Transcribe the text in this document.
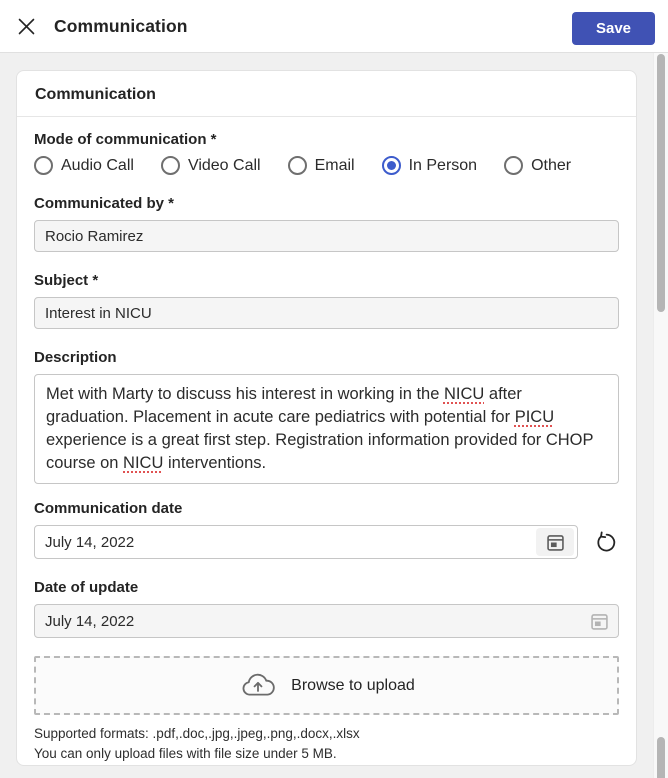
Communication	Save
Communication
Mode of communication *
Audio Call	Video Call	Email	In Person	Other
Communicated by *
Rocio Ramirez
Subject *
Interest in NICU
Description
Met with Marty to discuss his interest in working in the NICU after graduation. Placement in acute care pediatrics with potential for PICU experience is a great first step. Registration information provided for CHOP course on NICU interventions.
Communication date
July 14, 2022
Date of update
July 14, 2022
Browse to upload
Supported formats: .pdf,.doc,.jpg,.jpeg,.png,.docx,.xlsx
You can only upload files with file size under 5 MB.
